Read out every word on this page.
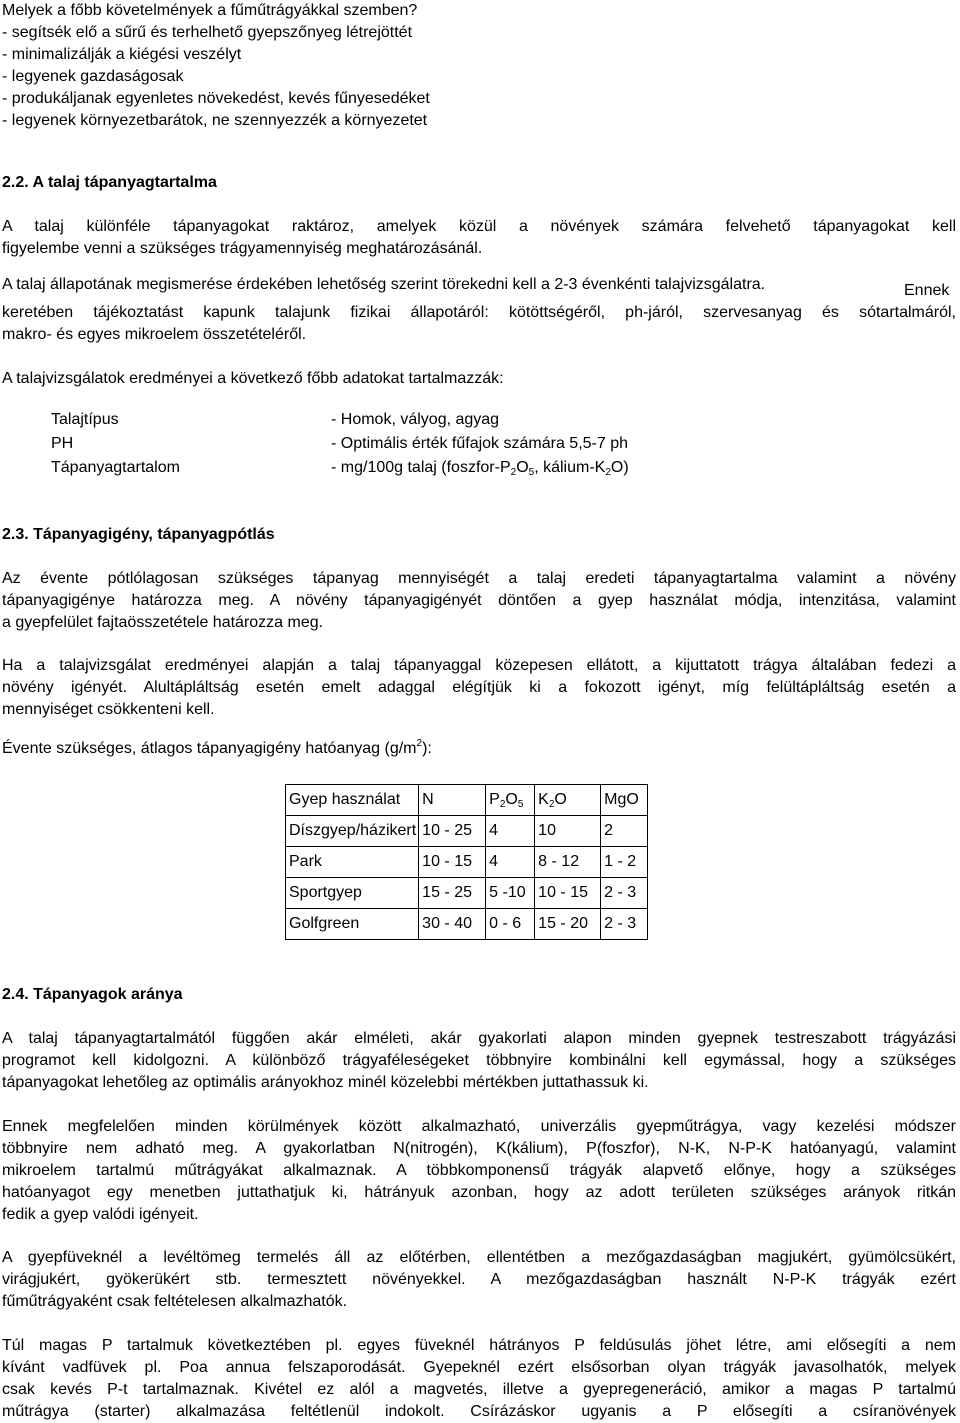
Melyek a főbb követelmények a fűműtrágyákkal szemben?

- segítsék elő a sűrű és terhelhető gyepszőnyeg létrejöttét

- minimalizálják a kiégési veszélyt

- legyenek gazdaságosak

- produkáljanak egyenletes növekedést, kevés fűnyesedéket

- legyenek környezetbarátok, ne szennyezzék a környezetet

2.2. A talaj tápanyagtartalma

A talaj különféle tápanyagokat raktároz, amelyek közül a növények számára felvehető tápanyagokat kell

figyelembe venni a szükséges trágyamennyiség meghatározásánál.

A talaj állapotának megismerése érdekében lehetőség szerint törekedni kell a 2-3 évenkénti talajvizsgálatra.	Ennek

keretében tájékoztatást kapunk talajunk fizikai állapotáról: kötöttségéről, ph-járól, szervesanyag és sótartalmáról,

makro- és egyes mikroelem összetételéről.

A talajvizsgálatok eredményei a következő főbb adatokat tartalmazzák:

Talajtípus	- Homok, vályog, agyag
PH	- Optimális érték fűfajok számára 5,5-7 ph
Tápanyagtartalom	- mg/100g talaj ($foszfor-P_2O_5$, kálium-$K_2O$)
2.3. Tápanyagigény, tápanyagpótlás

Az évente pótlólagosan szükséges tápanyag mennyiségét a talaj eredeti tápanyagtartalma valamint a növény

tápanyagigénye határozza meg. A növény tápanyagigényét döntően a gyep használat módja, intenzitása, valamint

a gyepfelület fajtaösszetétele határozza meg.

Ha a talajvizsgálat eredményei alapján a talaj tápanyaggal közepesen ellátott, a kijuttatott trágya általában fedezi a

növény igényét. Alultápláltság esetén emelt adaggal elégítjük ki a fokozott igényt, míg felültápláltság esetén a

mennyiséget csökkenteni kell.

Évente szükséges, átlagos tápanyagigény hatóanyag $(g/m^2)$:

Gyep használat	N	$P_2O_5$	$K_2O$	MgO
Díszgyep/házikert	10 - 25	4	10	2
Park	10 - 15	4	8 - 12	1 - 2
Sportgyep	15 - 25	5 -10	10 - 15	2 - 3
Golfgreen	30 - 40	0 - 6	15 - 20	2 - 3
2.4. Tápanyagok aránya

A talaj tápanyagtartalmától függően akár elméleti, akár gyakorlati alapon minden gyepnek testreszabott trágyázási

programot kell kidolgozni. A különböző trágyaféleségeket többnyire kombinálni kell egymással, hogy a szükséges

tápanyagokat lehetőleg az optimális arányokhoz minél közelebbi mértékben juttathassuk ki.

Ennek megfelelően minden körülmények között alkalmazható, univerzális gyepműtrágya, vagy kezelési módszer

többnyire nem adható meg. A gyakorlatban N(nitrogén), K(kálium), P(foszfor), N-K, N-P-K hatóanyagú, valamint

mikroelem tartalmú műtrágyákat alkalmaznak. A többkomponensű trágyák alapvető előnye, hogy a szükséges

hatóanyagot egy menetben juttathatjuk ki, hátrányuk azonban, hogy az adott területen szükséges arányok ritkán

fedik a gyep valódi igényeit.

A gyepfüveknél a levéltömeg termelés áll az előtérben, ellentétben a mezőgazdaságban magjukért, gyümölcsükért,

virágjukért, gyökerükért stb. termesztett növényekkel. A mezőgazdaságban használt N-P-K trágyák ezért

fűműtrágyaként csak feltételesen alkalmazhatók.

Túl magas P tartalmuk következtében pl. egyes füveknél hátrányos P feldúsulás jöhet létre, ami elősegíti a nem

kívánt vadfüvek pl. Poa annua felszaporodását. Gyepeknél ezért elsősorban olyan trágyák javasolhatók, melyek

csak kevés P-t tartalmaznak. Kivétel ez alól a magvetés, illetve a gyepregeneráció, amikor a magas P tartalmú

műtrágya (starter) alkalmazása feltétlenül indokolt. Csírázáskor ugyanis a P elősegíti a csíranövények
